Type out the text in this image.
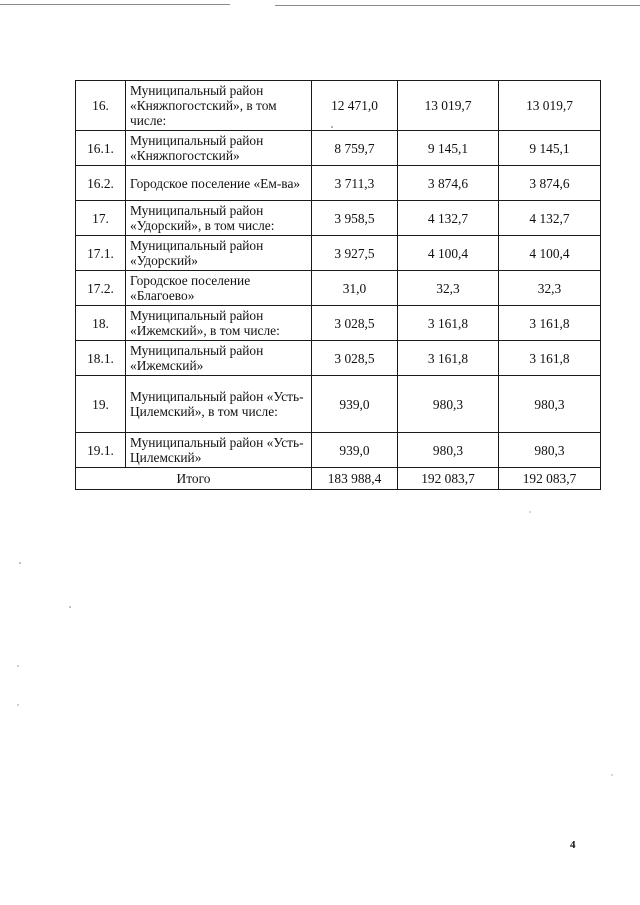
16.	Муниципальный район «Княжпогостский», в том числе:	12 471,0	13 019,7	13 019,7
16.1.	Муниципальный район «Княжпогостский»	8 759,7	9 145,1	9 145,1
16.2.	Городское поселение «Ем-ва»	3 711,3	3 874,6	3 874,6
17.	Муниципальный район «Удорский», в том числе:	3 958,5	4 132,7	4 132,7
17.1.	Муниципальный район «Удорский»	3 927,5	4 100,4	4 100,4
17.2.	Городское поселение «Благоево»	31,0	32,3	32,3
18.	Муниципальный район «Ижемский», в том числе:	3 028,5	3 161,8	3 161,8
18.1.	Муниципальный район «Ижемский»	3 028,5	3 161,8	3 161,8
19.	Муниципальный район «Усть-Цилемский», в том числе:	939,0	980,3	980,3
19.1.	Муниципальный район «Усть-Цилемский»	939,0	980,3	980,3
Итого		183 988,4	192 083,7	192 083,7
4
